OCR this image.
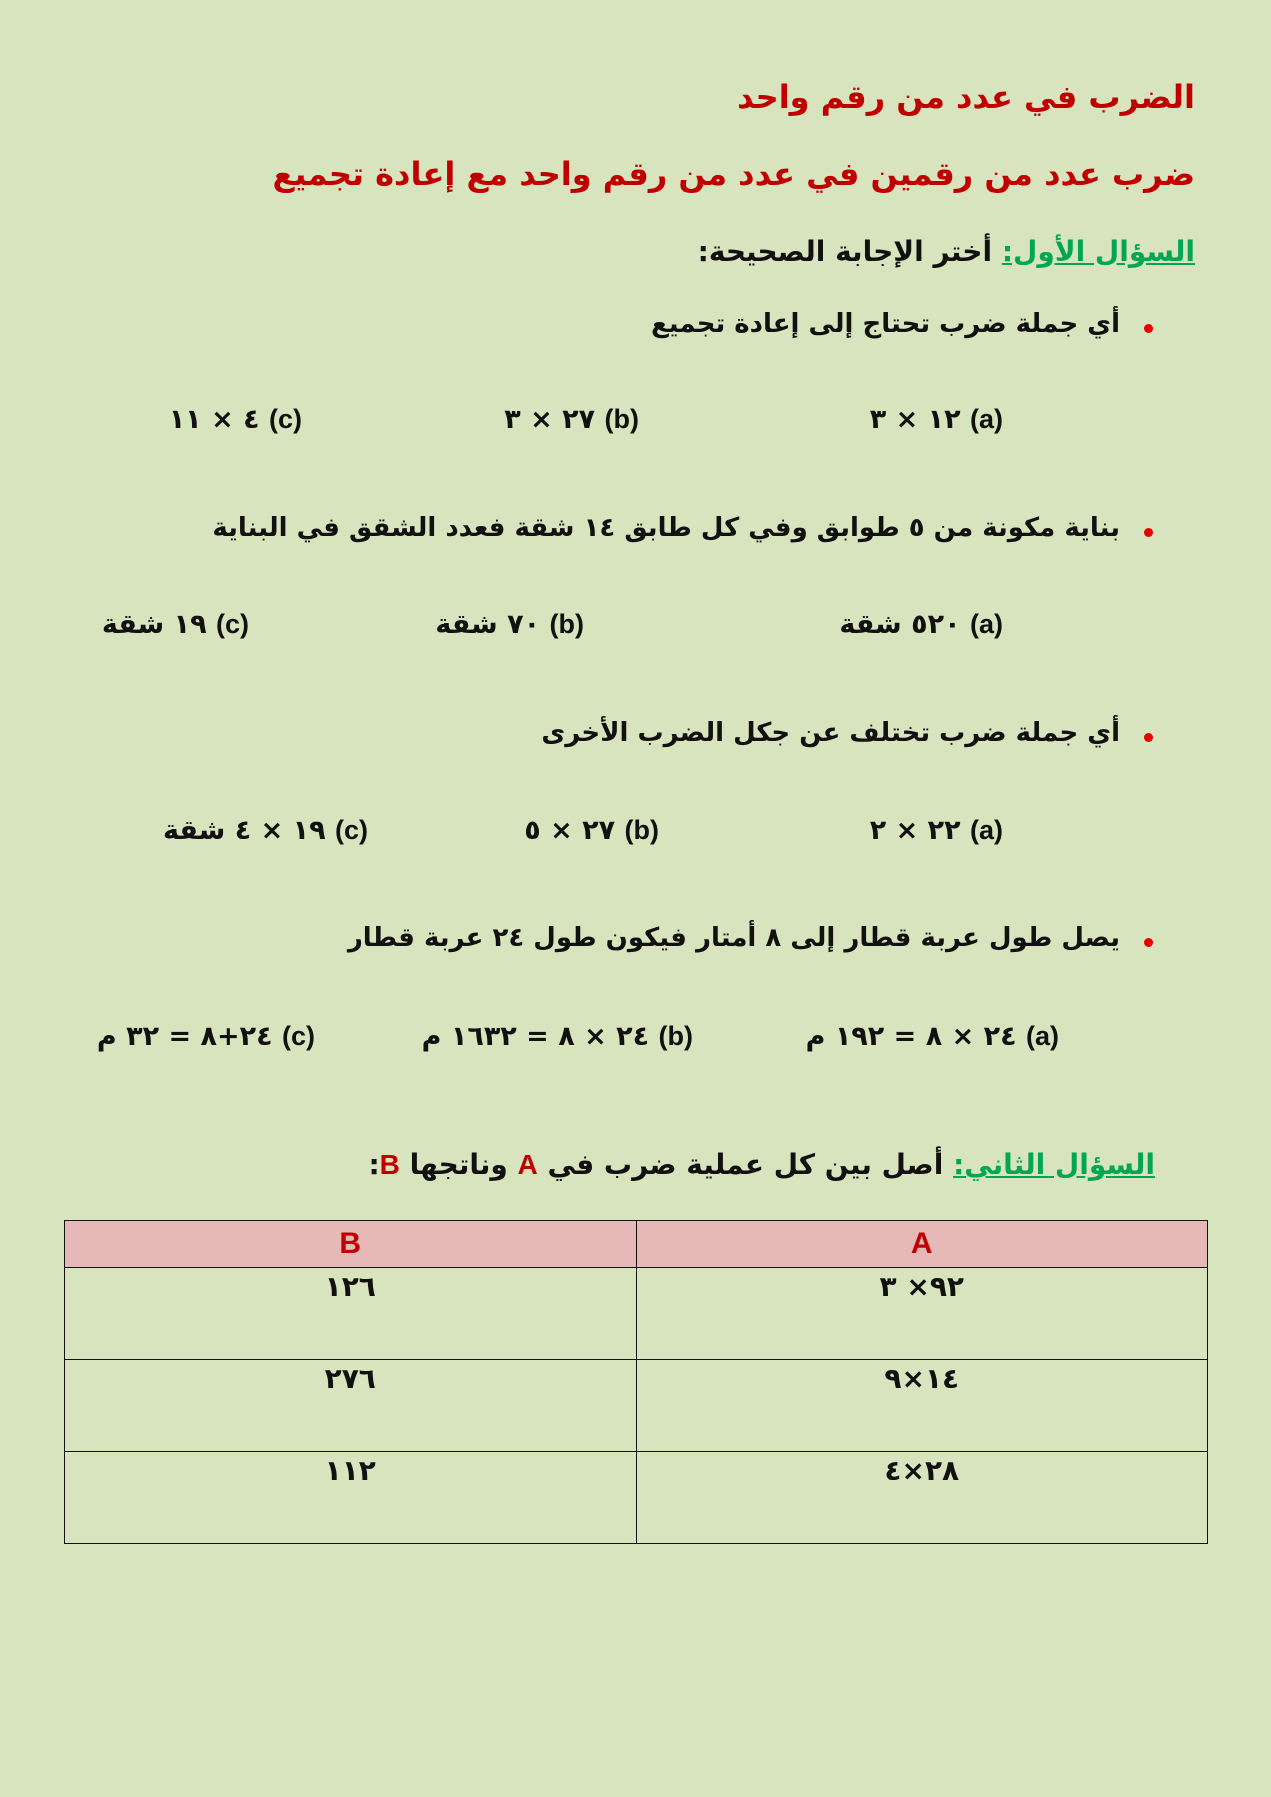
الضرب في عدد من رقم واحد
ضرب عدد من رقمين في عدد من رقم واحد مع إعادة تجميع
السؤال الأول: أختر الإجابة الصحيحة:
أي جملة ضرب تحتاج إلى إعادة تجميع
(a) ١٢ × ٣
(b) ٢٧ × ٣
(c) ٤ × ١١
بناية مكونة من ٥ طوابق وفي كل طابق ١٤ شقة فعدد الشقق في البناية
(a) ٥٢٠ شقة
(b) ٧٠ شقة
(c) ١٩ شقة
أي جملة ضرب تختلف عن جكل الضرب الأخرى
(a) ٢٢ × ٢
(b) ٢٧ × ٥
(c) ١٩ × ٤ شقة
يصل طول عربة قطار إلى ٨ أمتار فيكون طول ٢٤ عربة قطار
(a) ٢٤ × ٨ = ١٩٢ م
(b) ٢٤ × ٨ = ١٦٣٢ م
(c) ٢٤+٨ = ٣٢ م
السؤال الثاني: أصل بين كل عملية ضرب في A وناتجها B:
A	B
٩٢× ٣	١٢٦
١٤×٩	٢٧٦
٢٨×٤	١١٢
